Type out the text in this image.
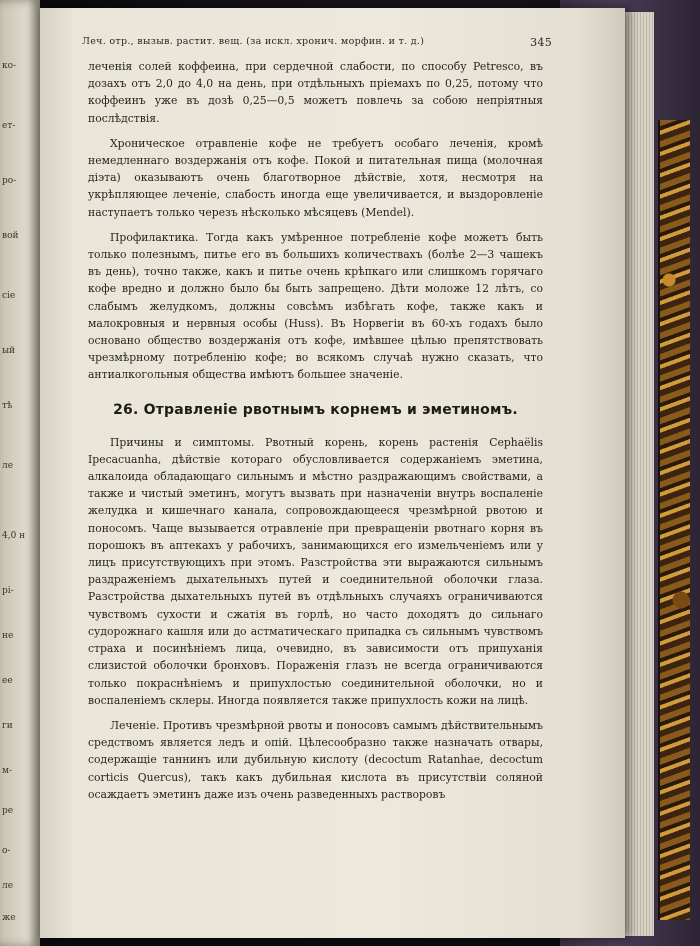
ко-
ет-
ро-
вой
сіе
ый
тѣ
ле
4,0 н
рі-
не
ее
ги
м-
ре
о-
ле
же
Леч. отр., вызыв. растит. вещ. (за искл. хронич. морфин. и т. д.)	345

леченія солей коффеина, при сердечной слабости, по способу Petresco, въ дозахъ отъ 2,0 до 4,0 на день, при отдѣльныхъ пріемахъ по 0,25, потому что коффеинъ уже въ дозѣ 0,25—0,5 можетъ повлечь за собою непріятныя послѣдствія.

Хроническое отравленіе кофе не требуетъ особаго леченія, кромѣ немедленнаго воздержанія отъ кофе. Покой и питательная пища (молочная діэта) оказываютъ очень благотворное дѣйствіе, хотя, несмотря на укрѣпляющее леченіе, слабость иногда еще увеличивается, и выздоровленіе наступаетъ только черезъ нѣсколько мѣсяцевъ (Mendel).

Профилактика. Тогда какъ умѣренное потребленіе кофе можетъ быть только полезнымъ, питье его въ большихъ количествахъ (болѣе 2—3 чашекъ въ день), точно также, какъ и питье очень крѣпкаго или слишкомъ горячаго кофе вредно и должно было бы быть запрещено. Дѣти моложе 12 лѣтъ, со слабымъ желудкомъ, должны совсѣмъ избѣгать кофе, также какъ и малокровныя и нервныя особы (Huss). Въ Норвегіи въ 60-хъ годахъ было основано общество воздержанія отъ кофе, имѣвшее цѣлью препятствовать чрезмѣрному потребленію кофе; во всякомъ случаѣ нужно сказать, что антиалкогольныя общества имѣютъ большее значеніе.

26. Отравленіе рвотнымъ корнемъ и эметиномъ.

Причины и симптомы. Рвотный корень, корень растенія Cephaëlis Ipecacuanha, дѣйствіе котораго обусловливается содержаніемъ эметина, алкалоида обладающаго сильнымъ и мѣстно раздражающимъ свойствами, а также и чистый эметинъ, могутъ вызвать при назначеніи внутрь воспаленіе желудка и кишечнаго канала, сопровождающееся чрезмѣрной рвотою и поносомъ. Чаще вызывается отравленіе при превращеніи рвотнаго корня въ порошокъ въ аптекахъ у рабочихъ, занимающихся его измельченіемъ или у лицъ присутствующихъ при этомъ. Разстройства эти выражаются сильнымъ раздраженіемъ дыхательныхъ путей и соединительной оболочки глаза. Разстройства дыхательныхъ путей въ отдѣльныхъ случаяхъ ограничиваются чувствомъ сухости и сжатія въ горлѣ, но часто доходятъ до сильнаго судорожнаго кашля или до астматическаго припадка съ сильнымъ чувствомъ страха и посинѣніемъ лица, очевидно, въ зависимости отъ припуханія слизистой оболочки бронховъ. Пораженія глазъ не всегда ограничиваются только покраснѣніемъ и припухлостью соединительной оболочки, но и воспаленіемъ склеры. Иногда появляется также припухлость кожи на лицѣ.

Леченіе. Противъ чрезмѣрной рвоты и поносовъ самымъ дѣйствительнымъ средствомъ является ледъ и опій. Цѣлесообразно также назначать отвары, содержащіе таннинъ или дубильную кислоту (decoctum Ratanhae, decoctum corticis Quercus), такъ какъ дубильная кислота въ присутствіи соляной осаждаетъ эметинъ даже изъ очень разведенныхъ растворовъ
